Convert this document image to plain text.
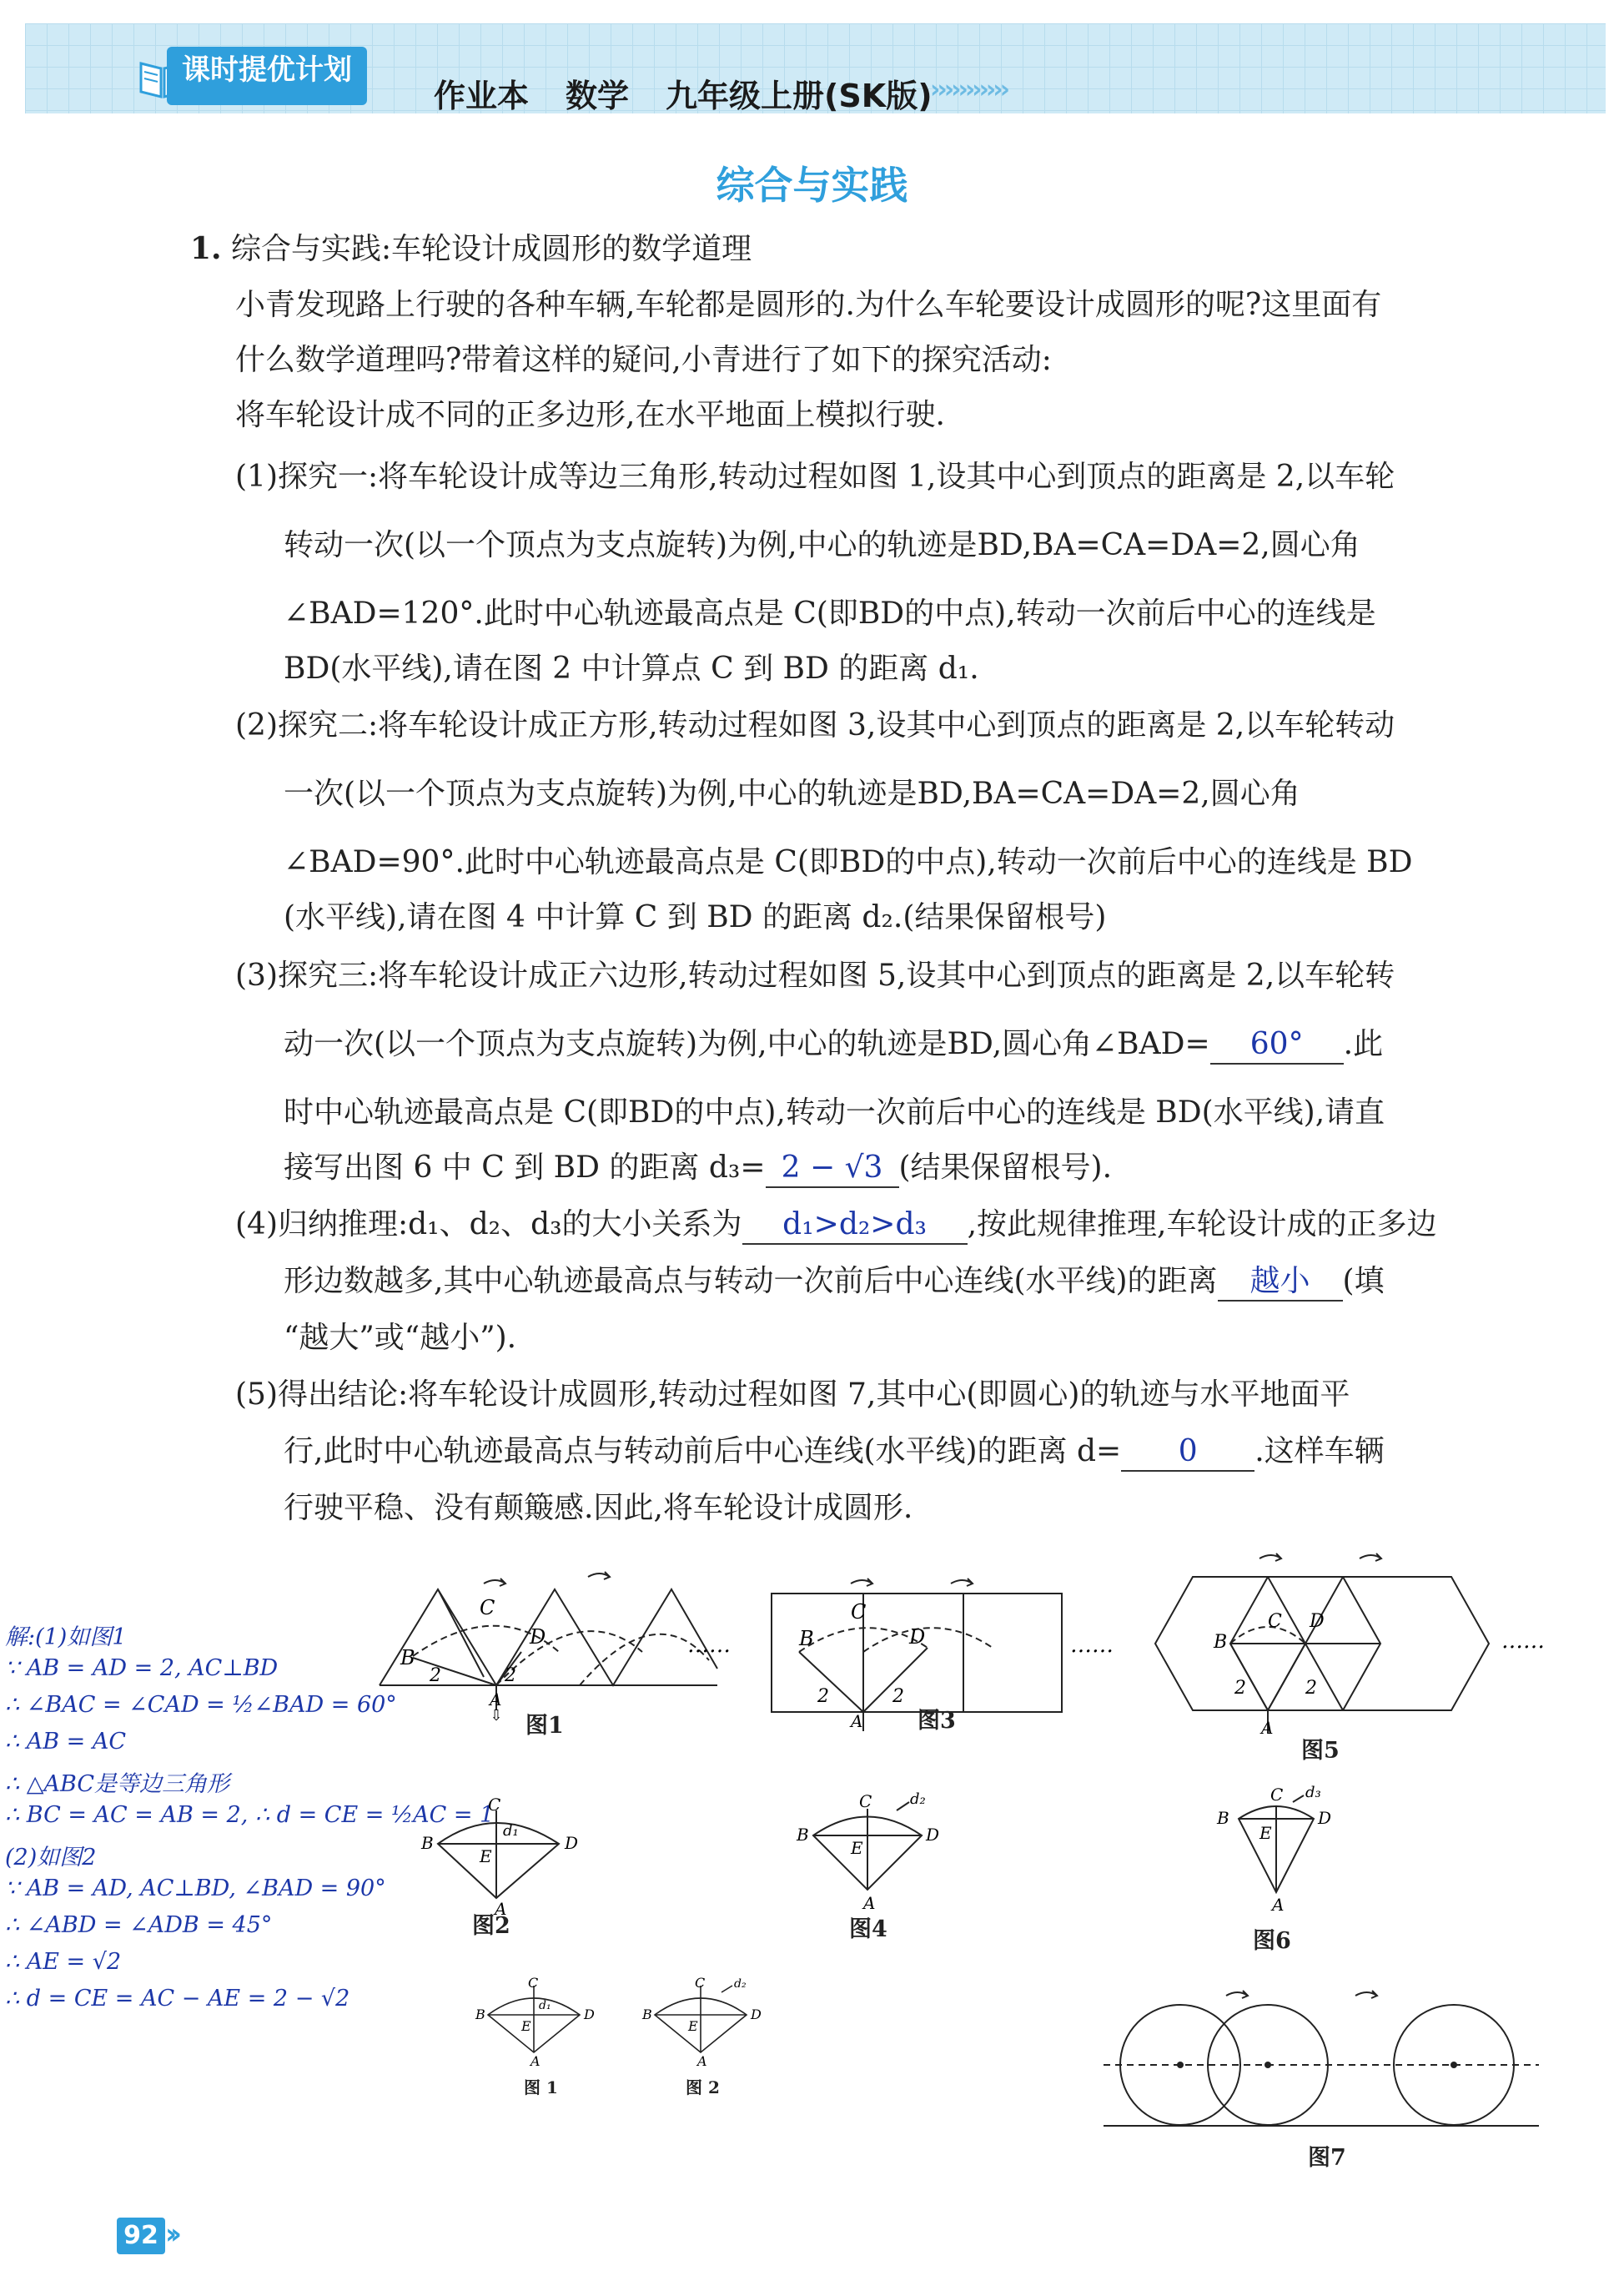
课时提优计划
作业本 数学 九年级上册(SK版)
›››››››››››
综合与实践
1. 综合与实践:车轮设计成圆形的数学道理
小青发现路上行驶的各种车辆,车轮都是圆形的.为什么车轮要设计成圆形的呢?这里面有
什么数学道理吗?带着这样的疑问,小青进行了如下的探究活动:
将车轮设计成不同的正多边形,在水平地面上模拟行驶.
(1)探究一:将车轮设计成等边三角形,转动过程如图 1,设其中心到顶点的距离是 2,以车轮
转动一次(以一个顶点为支点旋转)为例,中心的轨迹是BD,BA=CA=DA=2,圆心角
∠BAD=120°.此时中心轨迹最高点是 C(即BD的中点),转动一次前后中心的连线是
BD(水平线),请在图 2 中计算点 C 到 BD 的距离 d₁.
(2)探究二:将车轮设计成正方形,转动过程如图 3,设其中心到顶点的距离是 2,以车轮转动
一次(以一个顶点为支点旋转)为例,中心的轨迹是BD,BA=CA=DA=2,圆心角
∠BAD=90°.此时中心轨迹最高点是 C(即BD的中点),转动一次前后中心的连线是 BD
(水平线),请在图 4 中计算 C 到 BD 的距离 d₂.(结果保留根号)
(3)探究三:将车轮设计成正六边形,转动过程如图 5,设其中心到顶点的距离是 2,以车轮转
动一次(以一个顶点为支点旋转)为例,中心的轨迹是BD,圆心角∠BAD= 60° .此
时中心轨迹最高点是 C(即BD的中点),转动一次前后中心的连线是 BD(水平线),请直
接写出图 6 中 C 到 BD 的距离 d₃= 2 − √3 (结果保留根号).
(4)归纳推理:d₁、d₂、d₃的大小关系为 d₁>d₂>d₃ ,按此规律推理,车轮设计成的正多边
形边数越多,其中心轨迹最高点与转动一次前后中心连线(水平线)的距离 越小 (填
“越大”或“越小”).
(5)得出结论:将车轮设计成圆形,转动过程如图 7,其中心(即圆心)的轨迹与水平地面平
行,此时中心轨迹最高点与转动前后中心连线(水平线)的距离 d= 0 .这样车辆
行驶平稳、没有颠簸感.因此,将车轮设计成圆形.
解:(1)如图1
∵ AB = AD = 2, AC⊥BD
∴ ∠BAC = ∠CAD = ½∠BAD = 60°
∴ AB = AC
∴ △ABC是等边三角形
∴ BC = AC = AB = 2, ∴ d = CE = ½AC = 1
(2)如图2
∵ AB = AD, AC⊥BD, ∠BAD = 90°
∴ ∠ABD = ∠ADB = 45°
∴ AE = √2
∴ d = CE = AC − AE = 2 − √2
C
B
D
2	2
A
⇩
……
图1
C
B	D
2	2
A
……
图3
C
B
D
2	2
A
……
图5
C
B	D
E
A
d₁
图2
C
B	D
E
A
d₂
图4
C
B	D
E
A
d₃
图6
C
B	D
E
A
d₁
图 1
C
B	D
E
A
d₂
图 2
图7
92 ››
